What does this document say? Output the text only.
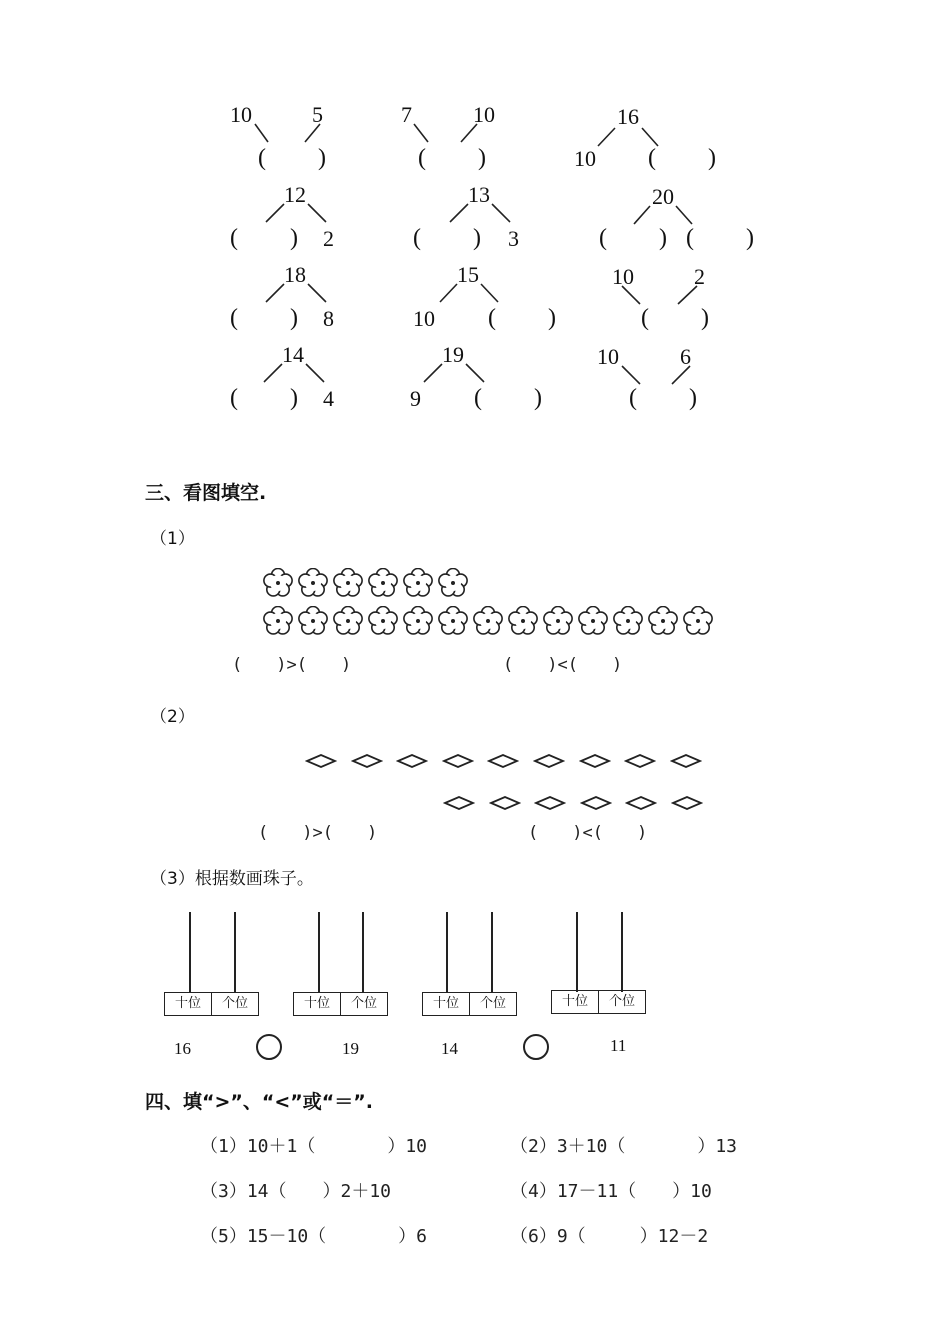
10	5
(　)
7	10
(　)
16
10 (　)
12
(　) 2
13
(　) 3
20
(　) (　)
18
(　) 8
15
10 (　)
10	2
(　)
14
(　) 4
19
9 (　)
10	6
(　)
三、看图填空.
（1）
(　　)>(　　)	(　　)<(　　)
（2）
(　　)>(　　)	(　　)<(　　)
（3）根据数画珠子。
十位	个位
16
十位	个位
19
十位	个位
14
十位	个位
11
四、填“>”、“<”或“＝”.
（1）10＋1（　　　　）10	（2）3＋10（　　　　）13
（3）14（　　）2＋10	（4）17－11（　　）10
（5）15－10（　　　　）6	（6）9（　　　）12－2
